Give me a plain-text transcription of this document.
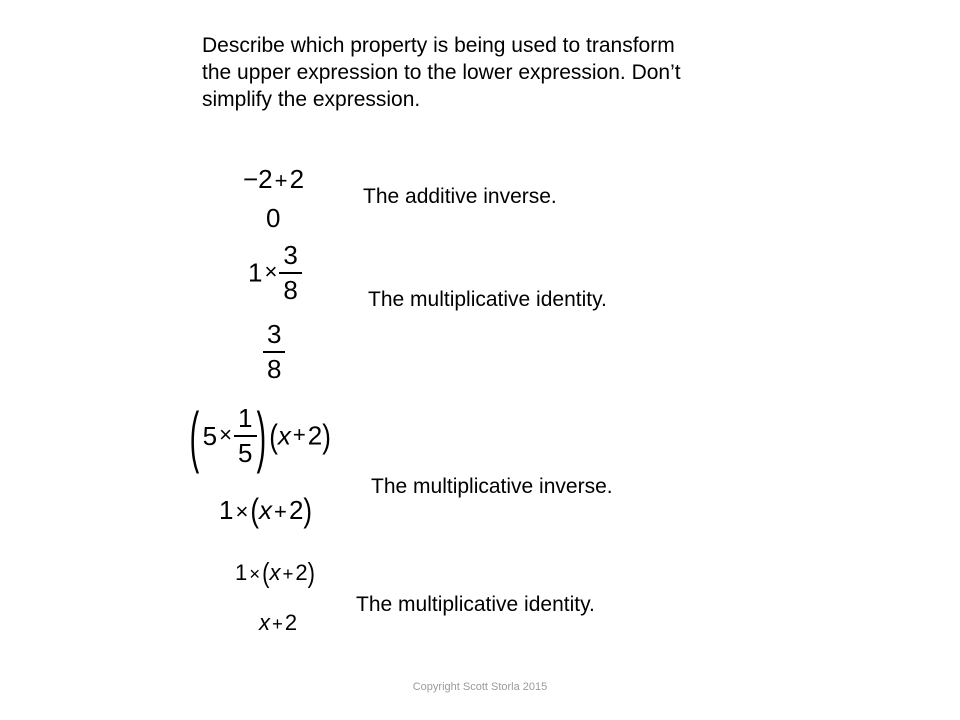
Describe which property is being used to transform
the upper expression to the lower expression. Don’t
simplify the expression.
−2+2
0
The additive inverse.
$1\times \frac{3}{8}$	The multiplicative identity.
$\frac{3}{8}$
( $5\times \frac{1}{5}$ ) (x+2)
The multiplicative inverse.
1×(x+2)
1 ×(x +2)
The multiplicative identity.
x +2
Copyright Scott Storla 2015
